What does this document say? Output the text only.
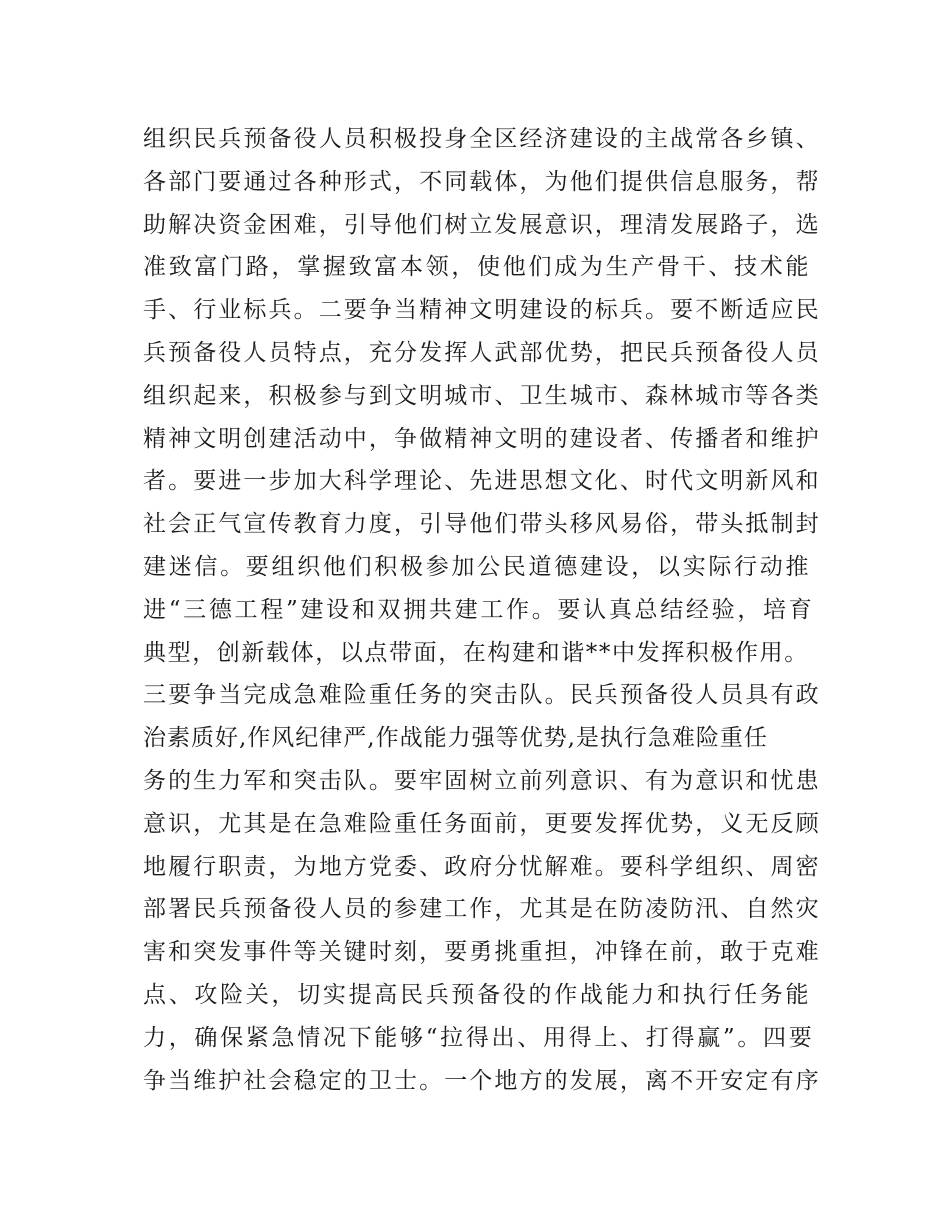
组织民兵预备役人员积极投身全区经济建设的主战常各乡镇、
各部门要通过各种形式，不同载体，为他们提供信息服务，帮
助解决资金困难，引导他们树立发展意识，理清发展路子，选
准致富门路，掌握致富本领，使他们成为生产骨干、技术能
手、行业标兵。二要争当精神文明建设的标兵。要不断适应民
兵预备役人员特点，充分发挥人武部优势，把民兵预备役人员
组织起来，积极参与到文明城市、卫生城市、森林城市等各类
精神文明创建活动中，争做精神文明的建设者、传播者和维护
者。要进一步加大科学理论、先进思想文化、时代文明新风和
社会正气宣传教育力度，引导他们带头移风易俗，带头抵制封
建迷信。要组织他们积极参加公民道德建设，以实际行动推
进“三德工程”建设和双拥共建工作。要认真总结经验，培育
典型，创新载体，以点带面，在构建和谐**中发挥积极作用。
三要争当完成急难险重任务的突击队。民兵预备役人员具有政
治素质好,作风纪律严,作战能力强等优势,是执行急难险重任
务的生力军和突击队。要牢固树立前列意识、有为意识和忧患
意识，尤其是在急难险重任务面前，更要发挥优势，义无反顾
地履行职责，为地方党委、政府分忧解难。要科学组织、周密
部署民兵预备役人员的参建工作，尤其是在防凌防汛、自然灾
害和突发事件等关键时刻，要勇挑重担，冲锋在前，敢于克难
点、攻险关，切实提高民兵预备役的作战能力和执行任务能
力，确保紧急情况下能够“拉得出、用得上、打得赢”。四要
争当维护社会稳定的卫士。一个地方的发展，离不开安定有序
